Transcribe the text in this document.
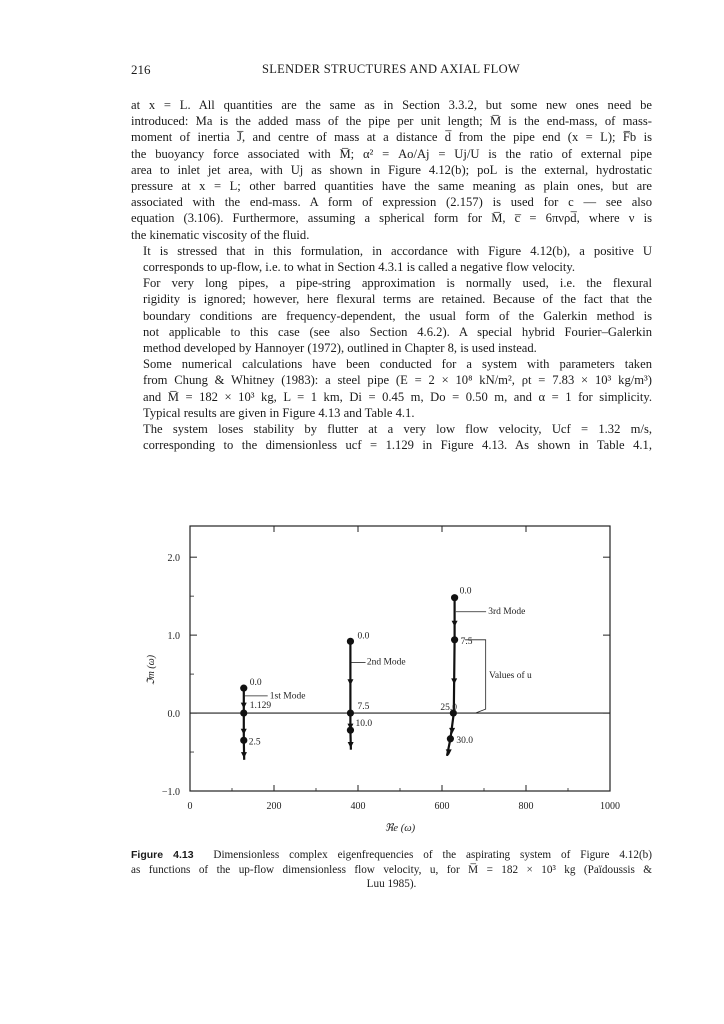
216	SLENDER STRUCTURES AND AXIAL FLOW

at x = L. All quantities are the same as in Section 3.3.2, but some new ones need be
introduced: Ma is the added mass of the pipe per unit length; M̅ is the end-mass, of mass-
moment of inertia J̅, and centre of mass at a distance d̅ from the pipe end (x = L); F̅b is
the buoyancy force associated with M̅; α² = Ao/Aj = Uj/U is the ratio of external pipe
area to inlet jet area, with Uj as shown in Figure 4.12(b); poL is the external, hydrostatic
pressure at x = L; other barred quantities have the same meaning as plain ones, but are
associated with the end-mass. A form of expression (2.157) is used for c — see also
equation (3.106). Furthermore, assuming a spherical form for M̅, c̅ = 6πνρd̅, where ν is
the kinematic viscosity of the fluid.

It is stressed that in this formulation, in accordance with Figure 4.12(b), a positive U
corresponds to up-flow, i.e. to what in Section 4.3.1 is called a negative flow velocity.

For very long pipes, a pipe-string approximation is normally used, i.e. the flexural
rigidity is ignored; however, here flexural terms are retained. Because of the fact that the
boundary conditions are frequency-dependent, the usual form of the Galerkin method is
not applicable to this case (see also Section 4.6.2). A special hybrid Fourier–Galerkin
method developed by Hannoyer (1972), outlined in Chapter 8, is used instead.

Some numerical calculations have been conducted for a system with parameters taken
from Chung & Whitney (1983): a steel pipe (E = 2 × 10⁸ kN/m², ρt = 7.83 × 10³ kg/m³)
and M̅ = 182 × 10³ kg, L = 1 km, Di = 0.45 m, Do = 0.50 m, and α = 1 for simplicity.
Typical results are given in Figure 4.13 and Table 4.1.

The system loses stability by flutter at a very low flow velocity, Ucf = 1.32 m/s,
corresponding to the dimensionless ucf = 1.129 in Figure 4.13. As shown in Table 4.1,

0	200	400	600	800	1000
−1.0
0.0
1.0
2.0
ℜe (ω)
ℑm (ω)	0.0
1.129
2.5
0.0
7.5
10.0
0.0
7.5
25.0
30.0
1st Mode
2nd Mode
3rd Mode
Values of u
Figure 4.13 Dimensionless complex eigenfrequencies of the aspirating system of Figure 4.12(b)
as functions of the up-flow dimensionless flow velocity, u, for M̅ = 182 × 10³ kg (Païdoussis &
Luu 1985).
